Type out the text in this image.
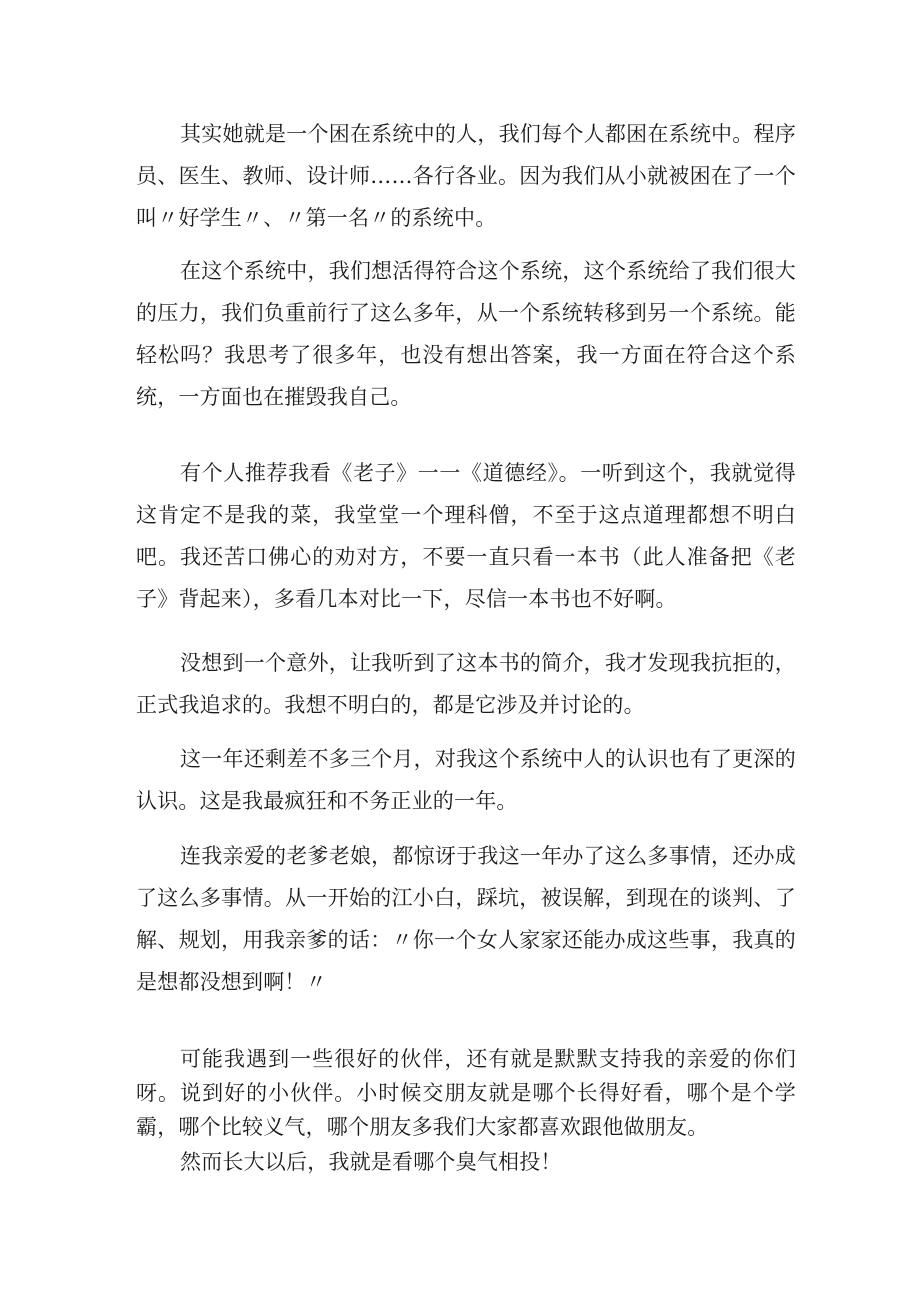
其实她就是一个困在系统中的人，我们每个人都困在系统中。程序员、医生、教师、设计师……各行各业。因为我们从小就被困在了一个叫〃好学生〃、〃第一名〃的系统中。

在这个系统中，我们想活得符合这个系统，这个系统给了我们很大的压力，我们负重前行了这么多年，从一个系统转移到另一个系统。能轻松吗？我思考了很多年，也没有想出答案，我一方面在符合这个系统，一方面也在摧毁我自己。

有个人推荐我看《老子》一一《道德经》。一听到这个，我就觉得这肯定不是我的菜，我堂堂一个理科僧，不至于这点道理都想不明白吧。我还苦口佛心的劝对方，不要一直只看一本书（此人准备把《老子》背起来），多看几本对比一下，尽信一本书也不好啊。

没想到一个意外，让我听到了这本书的简介，我才发现我抗拒的，正式我追求的。我想不明白的，都是它涉及并讨论的。

这一年还剩差不多三个月，对我这个系统中人的认识也有了更深的认识。这是我最疯狂和不务正业的一年。

连我亲爱的老爹老娘，都惊讶于我这一年办了这么多事情，还办成了这么多事情。从一开始的江小白，踩坑，被误解，到现在的谈判、了解、规划，用我亲爹的话：〃你一个女人家家还能办成这些事，我真的是想都没想到啊！〃

可能我遇到一些很好的伙伴，还有就是默默支持我的亲爱的你们呀。说到好的小伙伴。小时候交朋友就是哪个长得好看，哪个是个学霸，哪个比较义气，哪个朋友多我们大家都喜欢跟他做朋友。

然而长大以后，我就是看哪个臭气相投！
